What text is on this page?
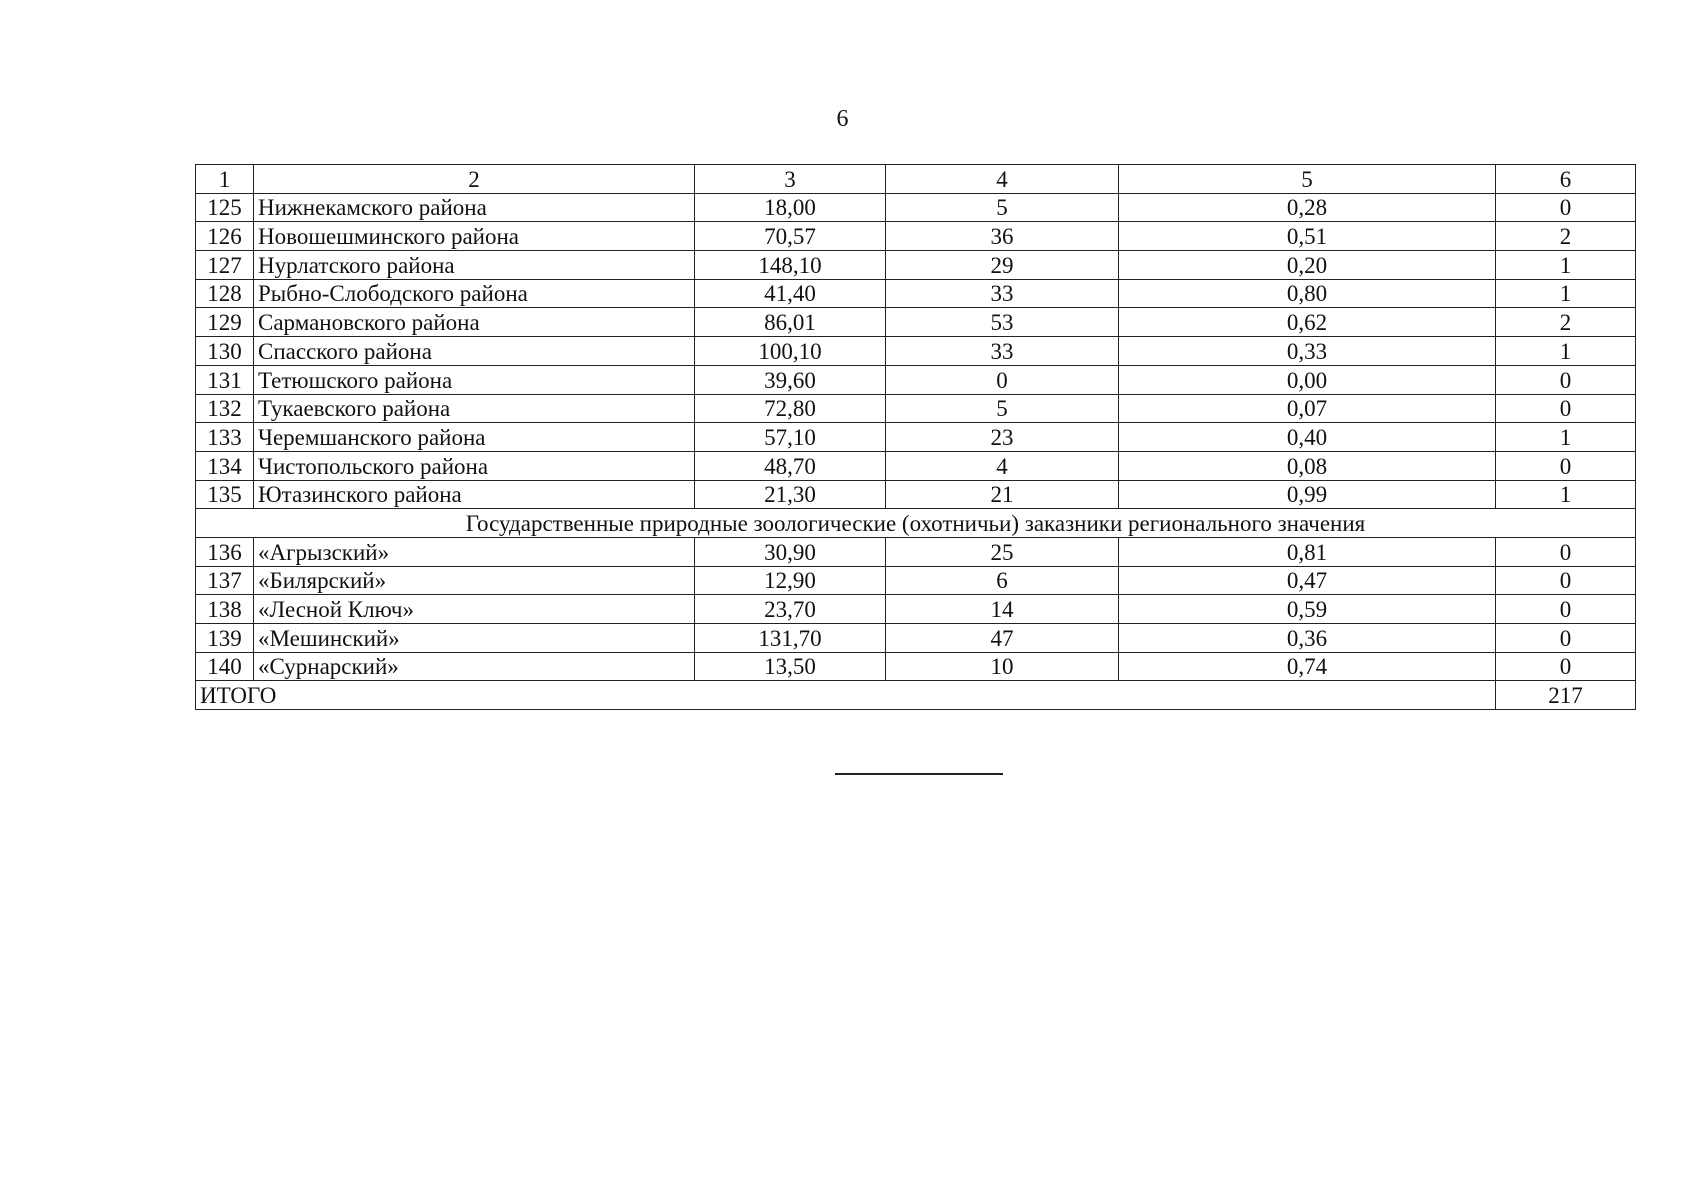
6
1	2	3	4	5	6
125	Нижнекамского района	18,00	5	0,28	0
126	Новошешминского района	70,57	36	0,51	2
127	Нурлатского района	148,10	29	0,20	1
128	Рыбно-Слободского района	41,40	33	0,80	1
129	Сармановского района	86,01	53	0,62	2
130	Спасского района	100,10	33	0,33	1
131	Тетюшского района	39,60	0	0,00	0
132	Тукаевского района	72,80	5	0,07	0
133	Черемшанского района	57,10	23	0,40	1
134	Чистопольского района	48,70	4	0,08	0
135	Ютазинского района	21,30	21	0,99	1
Государственные природные зоологические (охотничьи) заказники регионального значения					
136	«Агрызский»	30,90	25	0,81	0
137	«Билярский»	12,90	6	0,47	0
138	«Лесной Ключ»	23,70	14	0,59	0
139	«Мешинский»	131,70	47	0,36	0
140	«Сурнарский»	13,50	10	0,74	0
ИТОГО					217
